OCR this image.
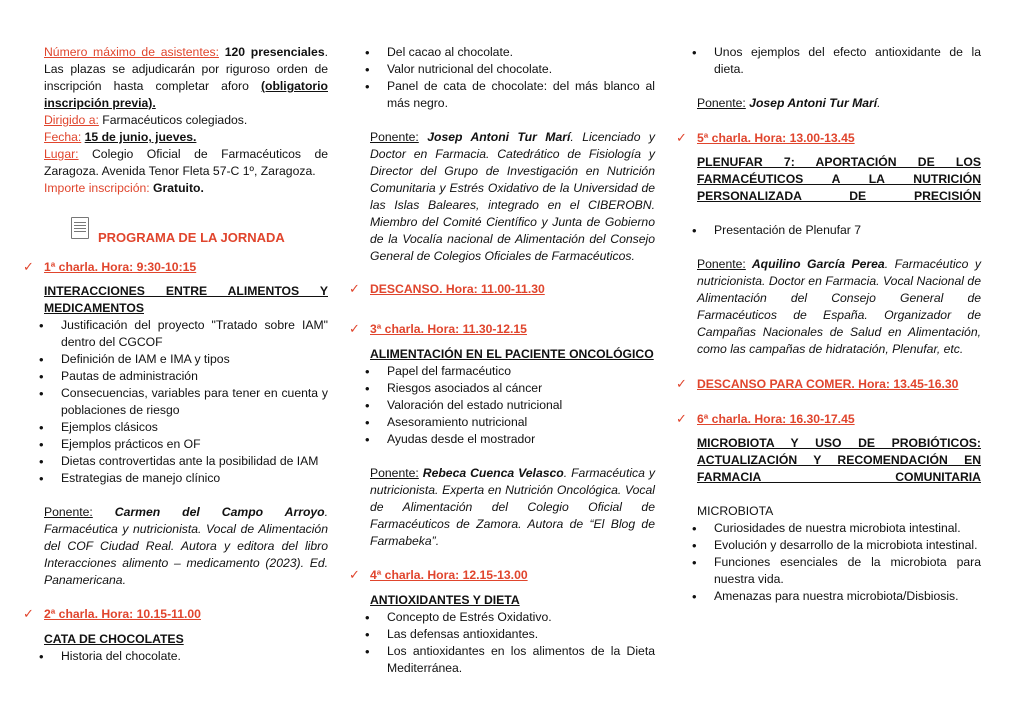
Número máximo de asistentes: 120 presenciales. Las plazas se adjudicarán por riguroso orden de inscripción hasta completar aforo (obligatorio inscripción previa).

Dirigido a: Farmacéuticos colegiados.

Fecha: 15 de junio, jueves.

Lugar: Colegio Oficial de Farmacéuticos de Zaragoza. Avenida Tenor Fleta 57-C 1º, Zaragoza.

Importe inscripción: Gratuito.

PROGRAMA DE LA JORNADA
✓ 1ª charla. Hora: 9:30-10:15

INTERACCIONES ENTRE ALIMENTOS Y

MEDICAMENTOS

• Justificación del proyecto "Tratado sobre IAM" dentro del CGCOF
• Definición de IAM e IMA y tipos
• Pautas de administración
• Consecuencias, variables para tener en cuenta y poblaciones de riesgo
• Ejemplos clásicos
• Ejemplos prácticos en OF
• Dietas controvertidas ante la posibilidad de IAM
• Estrategias de manejo clínico

Ponente: Carmen del Campo Arroyo. Farmacéutica y nutricionista. Vocal de Alimentación del COF Ciudad Real. Autora y editora del libro Interacciones alimento – medicamento (2023). Ed. Panamericana.

✓ 2ª charla. Hora: 10.15-11.00

CATA DE CHOCOLATES

• Historia del chocolate.
• Del cacao al chocolate.
• Valor nutricional del chocolate.
• Panel de cata de chocolate: del más blanco al más negro.

Ponente: Josep Antoni Tur Marí. Licenciado y Doctor en Farmacia. Catedrático de Fisiología y Director del Grupo de Investigación en Nutrición Comunitaria y Estrés Oxidativo de la Universidad de las Islas Baleares, integrado en el CIBEROBN. Miembro del Comité Científico y Junta de Gobierno de la Vocalía nacional de Alimentación del Consejo General de Colegios Oficiales de Farmacéuticos.

✓ DESCANSO. Hora: 11.00-11.30

✓ 3ª charla. Hora: 11.30-12.15

ALIMENTACIÓN EN EL PACIENTE ONCOLÓGICO

• Papel del farmacéutico
• Riesgos asociados al cáncer
• Valoración del estado nutricional
• Asesoramiento nutricional
• Ayudas desde el mostrador

Ponente: Rebeca Cuenca Velasco. Farmacéutica y nutricionista. Experta en Nutrición Oncológica. Vocal de Alimentación del Colegio Oficial de Farmacéuticos de Zamora. Autora de “El Blog de Farmabeka”.

✓ 4ª charla. Hora: 12.15-13.00

ANTIOXIDANTES Y DIETA

• Concepto de Estrés Oxidativo.
• Las defensas antioxidantes.
• Los antioxidantes en los alimentos de la Dieta Mediterránea.
• Unos ejemplos del efecto antioxidante de la dieta.

Ponente: Josep Antoni Tur Marí.

✓ 5ª charla. Hora: 13.00-13.45

PLENUFAR 7: APORTACIÓN DE LOS FARMACÉUTICOS A LA NUTRICIÓN PERSONALIZADA DE PRECISIÓN

• Presentación de Plenufar 7

Ponente: Aquilino García Perea. Farmacéutico y nutricionista. Doctor en Farmacia. Vocal Nacional de Alimentación del Consejo General de Farmacéuticos de España. Organizador de Campañas Nacionales de Salud en Alimentación, como las campañas de hidratación, Plenufar, etc.

✓ DESCANSO PARA COMER. Hora: 13.45-16.30

✓ 6ª charla. Hora: 16.30-17.45

MICROBIOTA Y USO DE PROBIÓTICOS: ACTUALIZACIÓN Y RECOMENDACIÓN EN FARMACIA COMUNITARIA

MICROBIOTA

• Curiosidades de nuestra microbiota intestinal.
• Evolución y desarrollo de la microbiota intestinal.
• Funciones esenciales de la microbiota para nuestra vida.
• Amenazas para nuestra microbiota/Disbiosis.
